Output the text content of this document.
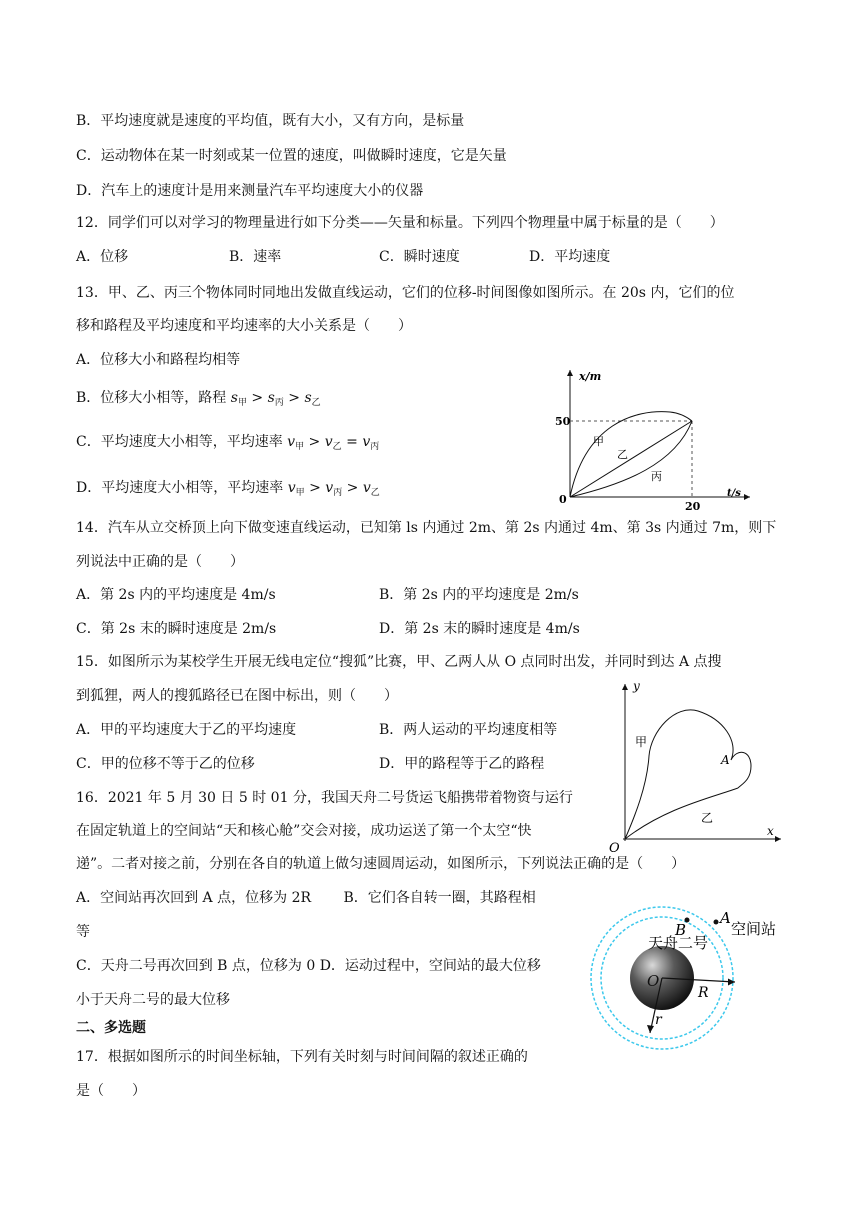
B．平均速度就是速度的平均值，既有大小，又有方向，是标量
C．运动物体在某一时刻或某一位置的速度，叫做瞬时速度，它是矢量
D．汽车上的速度计是用来测量汽车平均速度大小的仪器
12．同学们可以对学习的物理量进行如下分类——矢量和标量。下列四个物理量中属于标量的是（　　）
A．位移	B．速率	C．瞬时速度	D．平均速度
13．甲、乙、丙三个物体同时同地出发做直线运动，它们的位移‑时间图像如图所示。在 20s 内，它们的位
移和路程及平均速度和平均速率的大小关系是（　　）
A．位移大小和路程均相等
B．位移大小相等，路程 $s_甲 > s_丙 > s_乙$
C．平均速度大小相等，平均速率 $v_甲 > v_乙 = v_丙$
D．平均速度大小相等，平均速率 $v_甲 > v_丙 > v_乙$
x/m
t/s
50
20
0
甲
乙
丙
14．汽车从立交桥顶上向下做变速直线运动，已知第 ls 内通过 2m、第 2s 内通过 4m、第 3s 内通过 7m，则下
列说法中正确的是（　　）
A．第 2s 内的平均速度是 4m/s	B．第 2s 内的平均速度是 2m/s
C．第 2s 末的瞬时速度是 2m/s	D．第 2s 末的瞬时速度是 4m/s
15．如图所示为某校学生开展无线电定位“搜狐”比赛，甲、乙两人从 O 点同时出发，并同时到达 A 点搜
到狐狸，两人的搜狐路径已在图中标出，则（　　）
A．甲的平均速度大于乙的平均速度	B．两人运动的平均速度相等
C．甲的位移不等于乙的位移	D．甲的路程等于乙的路程
y
x
O
A
甲
乙
16．2021 年 5 月 30 日 5 时 01 分，我国天舟二号货运飞船携带着物资与运行
在固定轨道上的空间站“天和核心舱”交会对接，成功运送了第一个太空“快
递”。二者对接之前，分别在各自的轨道上做匀速圆周运动，如图所示，下列说法正确的是（　　）
A．空间站再次回到 A 点，位移为 2R　　 B．它们各自转一圈，其路程相
等
C．天舟二号再次回到 B 点，位移为 0 D．运动过程中，空间站的最大位移
小于天舟二号的最大位移
B
A
天舟二号
空间站
O
R
r
二、多选题
17．根据如图所示的时间坐标轴，下列有关时刻与时间间隔的叙述正确的
是（　　）
